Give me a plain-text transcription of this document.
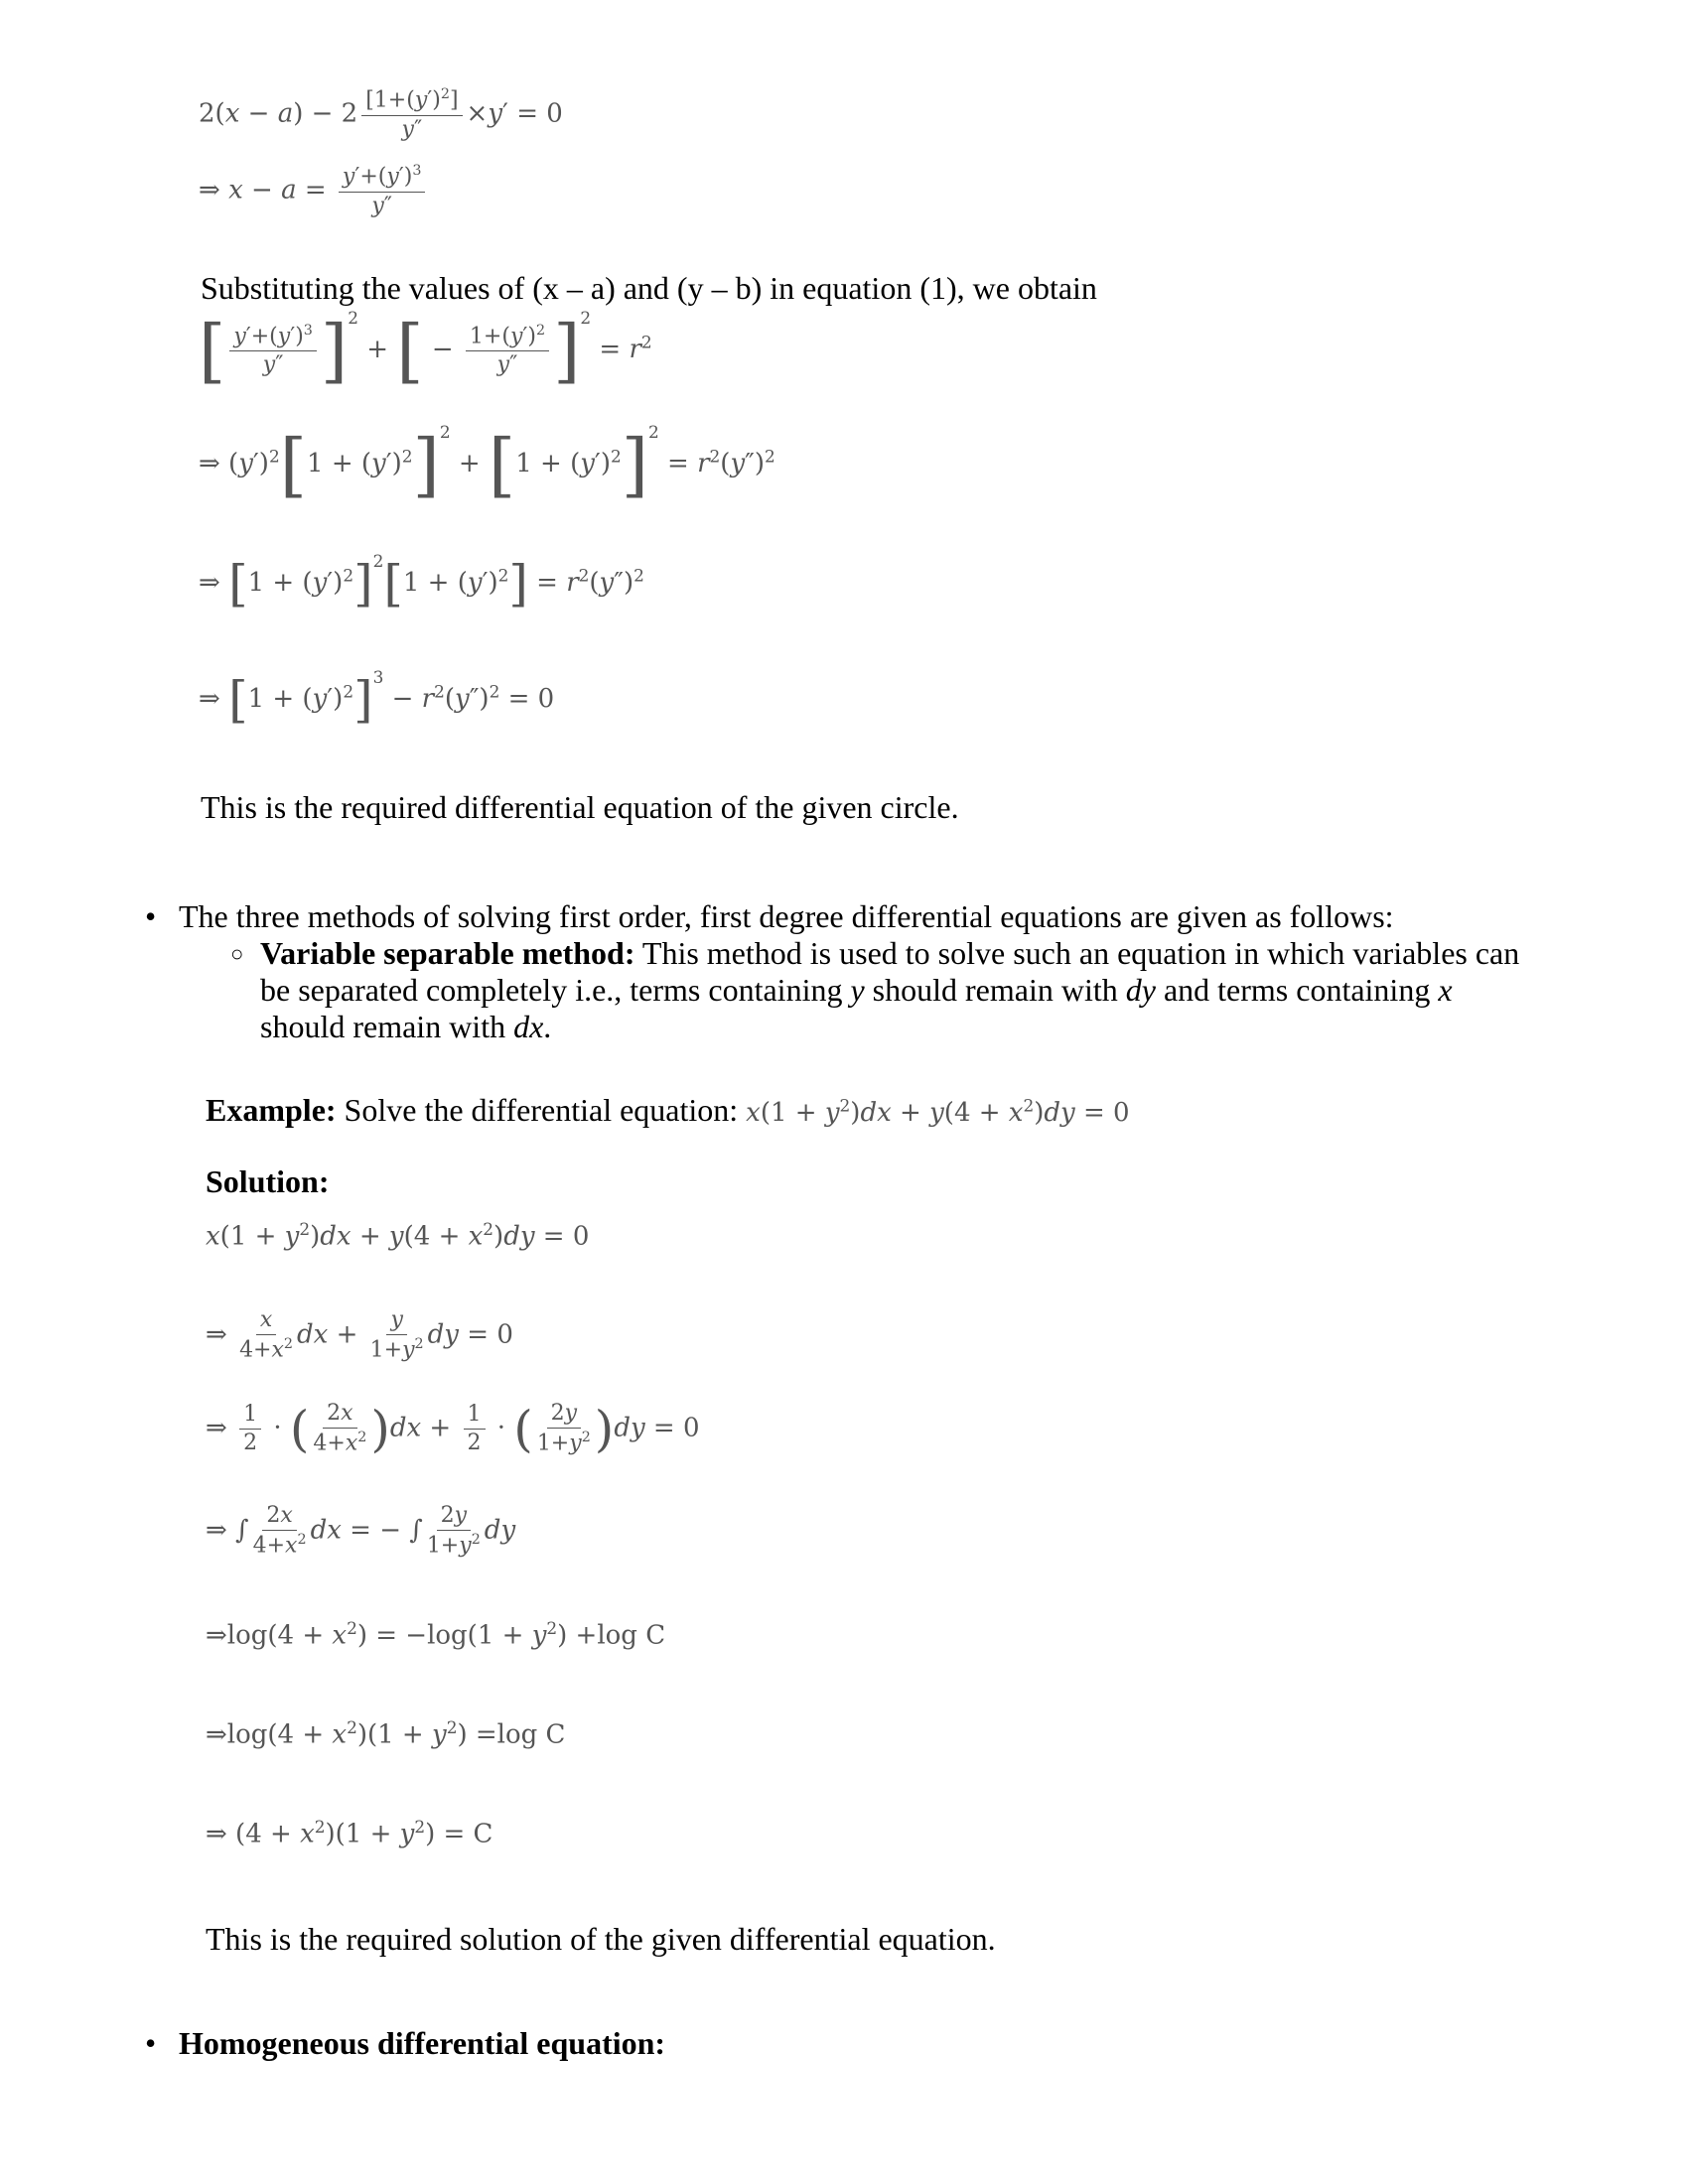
$2(x - a) - 2 \frac{[1+(y')^2]}{y''} \times y' = 0$
⇒ $x - a = \frac{y'+(y')^3}{y''}$
Substituting the values of (x – a) and (y – b) in equation (1), we obtain
[ $\frac{y'+(y')^3}{y''} ]^2$ + [ − $\frac{1+(y')^2}{y''} ]^2 = r^2$
⇒ $(y')^2[1 + (y')^2]^2 + [1 + (y')^2]^2 = r^2(y'')^2$
⇒ $[1 + (y')^2]^2[1 + (y')^2] = r^2(y'')^2$
⇒ $[1 + (y')^2]^3 - r^2(y'')^2 = 0$
This is the required differential equation of the given circle.
• The three methods of solving first order, first degree differential equations are given as follows:
○ Variable separable method: This method is used to solve such an equation in which variables can
be separated completely i.e., terms containing y should remain with dy and terms containing x
should remain with dx.
Example: Solve the differential equation: $x(1 + y^2)dx + y(4 + x^2)dy = 0$
Solution:
$x(1 + y^2)dx + y(4 + x^2)dy = 0$
⇒ $\frac{x}{4+x^2}$ dx + $\frac{y}{1+y^2}$ dy = 0
⇒ $\frac{1}{2}$ · ( $\frac{2x}{4+x^2} )dx + \frac{1}{2}$ · ( $\frac{2y}{1+y^2} )dy = 0$
⇒ ∫ $\frac{2x}{4+x^2}$ dx = − ∫ $\frac{2y}{1+y^2}$ dy
⇒log(4 + $x^2) = -\log(1 + y^2) +\log$ C
⇒log(4 + $x^2)(1 + y^2) =\log$ C
⇒ $(4 + x^2)(1 + y^2) = C$
This is the required solution of the given differential equation.
• Homogeneous differential equation:
